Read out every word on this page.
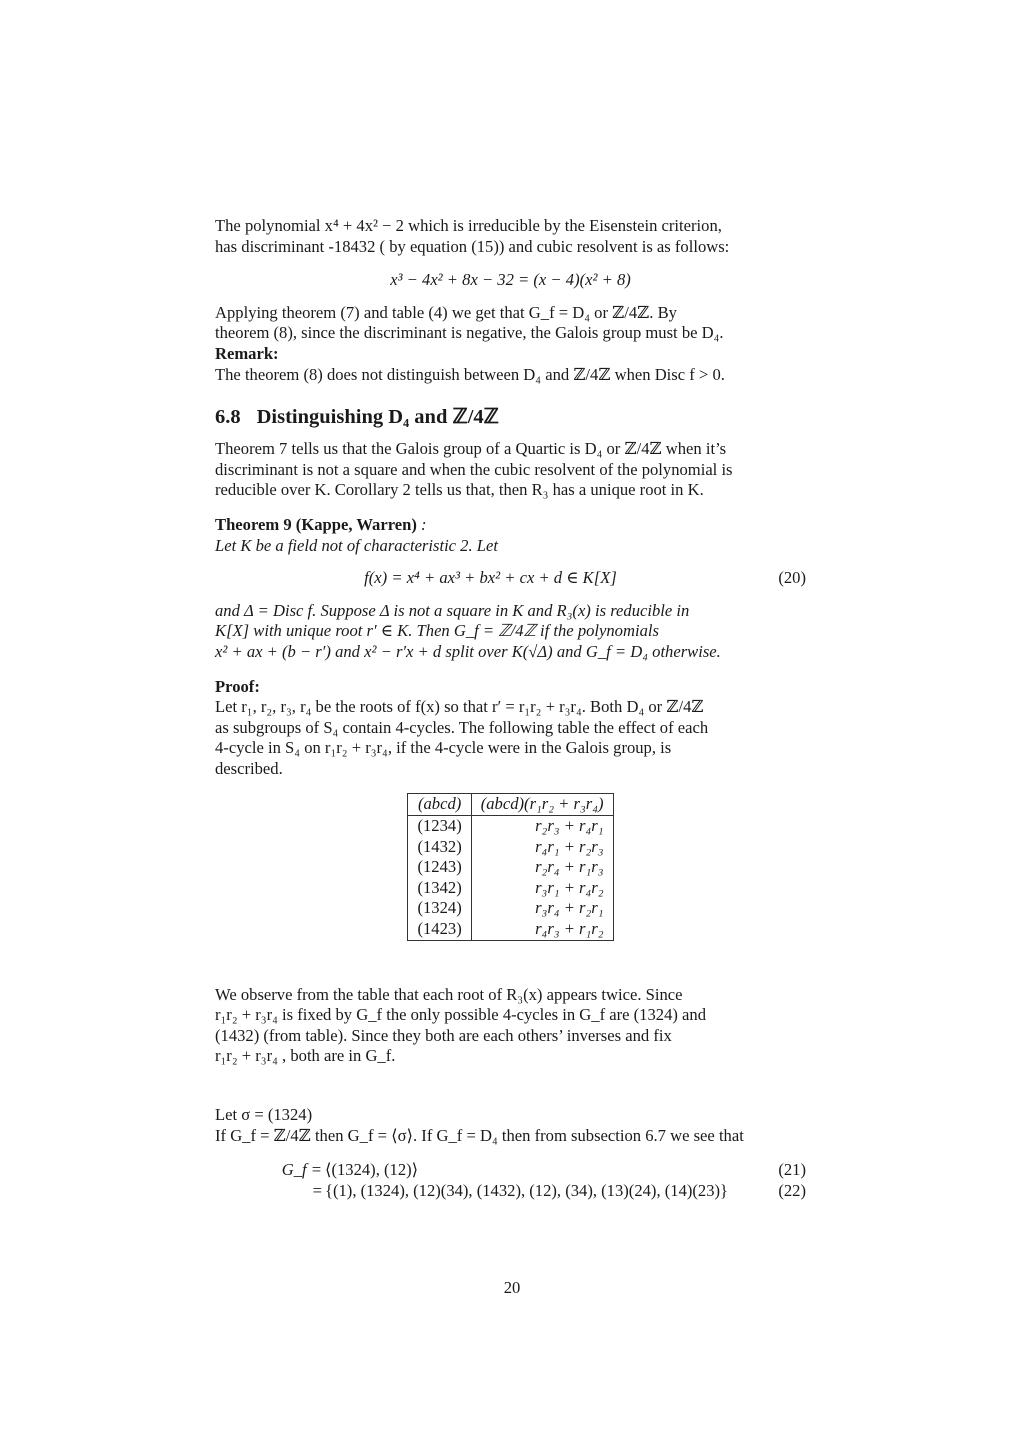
The polynomial x⁴ + 4x² − 2 which is irreducible by the Eisenstein criterion,

has discriminant -18432 ( by equation (15)) and cubic resolvent is as follows:

x³ − 4x² + 8x − 32 = (x − 4)(x² + 8)

Applying theorem (7) and table (4) we get that G_f = D₄ or ℤ/4ℤ. By

theorem (8), since the discriminant is negative, the Galois group must be D₄.

Remark:

The theorem (8) does not distinguish between D₄ and ℤ/4ℤ when Disc f > 0.

6.8 Distinguishing D₄ and ℤ/4ℤ

Theorem 7 tells us that the Galois group of a Quartic is D₄ or ℤ/4ℤ when it’s

discriminant is not a square and when the cubic resolvent of the polynomial is

reducible over K. Corollary 2 tells us that, then R₃ has a unique root in K.

Theorem 9 (Kappe, Warren) :

Let K be a field not of characteristic 2. Let

f(x) = x⁴ + ax³ + bx² + cx + d ∈ K[X]	(20)

and Δ = Disc f. Suppose Δ is not a square in K and R₃(x) is reducible in

K[X] with unique root r′ ∈ K. Then G_f = ℤ/4ℤ if the polynomials

x² + ax + (b − r′) and x² − r′x + d split over K(√Δ) and G_f = D₄ otherwise.

Proof:

Let r₁, r₂, r₃, r₄ be the roots of f(x) so that r′ = r₁r₂ + r₃r₄. Both D₄ or ℤ/4ℤ

as subgroups of S₄ contain 4-cycles. The following table the effect of each

4-cycle in S₄ on r₁r₂ + r₃r₄, if the 4-cycle were in the Galois group, is

described.

(abcd)	(abcd)(r₁r₂ + r₃r₄)
(1234)	r₂r₃ + r₄r₁
(1432)	r₄r₁ + r₂r₃
(1243)	r₂r₄ + r₁r₃
(1342)	r₃r₁ + r₄r₂
(1324)	r₃r₄ + r₂r₁
(1423)	r₄r₃ + r₁r₂

We observe from the table that each root of R₃(x) appears twice. Since

r₁r₂ + r₃r₄ is fixed by G_f the only possible 4-cycles in G_f are (1324) and

(1432) (from table). Since they both are each others’ inverses and fix

r₁r₂ + r₃r₄ , both are in G_f.

Let σ = (1324)

If G_f = ℤ/4ℤ then G_f = ⟨σ⟩. If G_f = D₄ then from subsection 6.7 we see that

G_f = ⟨(1324), (12)⟩	(21)
= {(1), (1324), (12)(34), (1432), (12), (34), (13)(24), (14)(23)}	(22)
20
